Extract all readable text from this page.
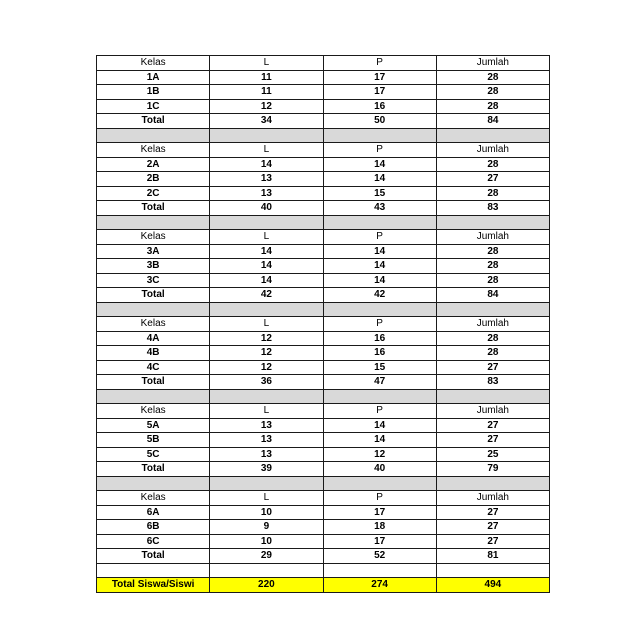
Kelas	L	P	Jumlah
1A	11	17	28
1B	11	17	28
1C	12	16	28
Total	34	50	84

Kelas	L	P	Jumlah
2A	14	14	28
2B	13	14	27
2C	13	15	28
Total	40	43	83

Kelas	L	P	Jumlah
3A	14	14	28
3B	14	14	28
3C	14	14	28
Total	42	42	84

Kelas	L	P	Jumlah
4A	12	16	28
4B	12	16	28
4C	12	15	27
Total	36	47	83

Kelas	L	P	Jumlah
5A	13	14	27
5B	13	14	27
5C	13	12	25
Total	39	40	79

Kelas	L	P	Jumlah
6A	10	17	27
6B	9	18	27
6C	10	17	27
Total	29	52	81

Total Siswa/Siswi	220	274	494
